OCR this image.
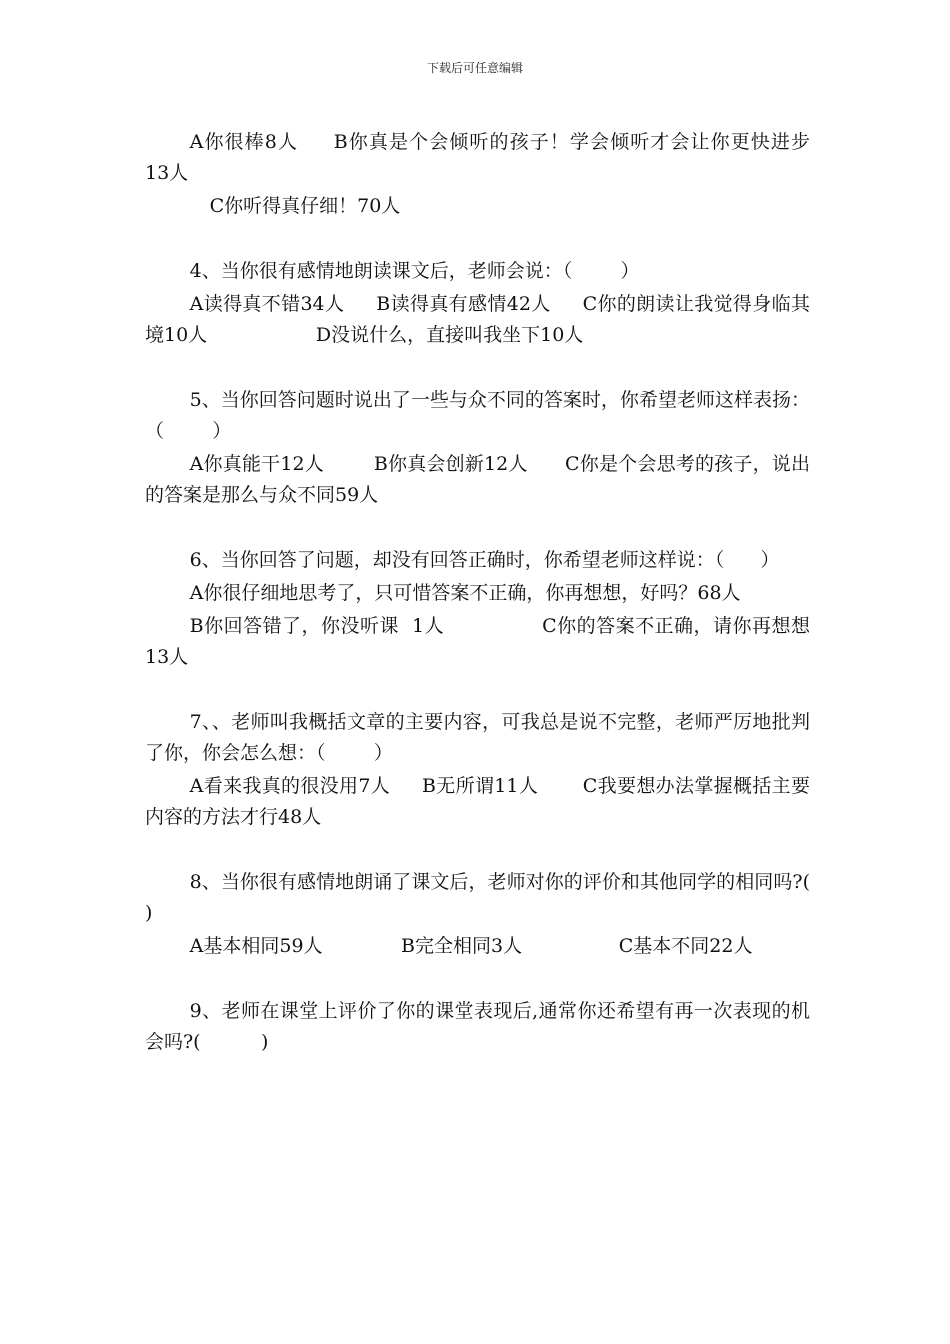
下载后可任意编辑

A你很棒8人     B你真是个会倾听的孩子！学会倾听才会让你更快进步    13人

C你听得真仔细！70人

4、当你很有感情地朗读课文后，老师会说：（        ）

A读得真不错34人     B读得真有感情42人     C你的朗读让我觉得身临其境10人                  D没说什么，直接叫我坐下10人

5、当你回答问题时说出了一些与众不同的答案时，你希望老师这样表扬：（        ）

A你真能干12人        B你真会创新12人      C你是个会思考的孩子，说出的答案是那么与众不同59人

6、当你回答了问题，却没有回答正确时，你希望老师这样说：（      ）

A你很仔细地思考了，只可惜答案不正确，你再想想，好吗？68人

B你回答错了，你没听课  1人               C你的答案不正确，请你再想想13人

7、、老师叫我概括文章的主要内容，可我总是说不完整，老师严厉地批判了你，你会怎么想：（        ）

A看来我真的很没用7人     B无所谓11人       C我要想办法掌握概括主要内容的方法才行48人

8、当你很有感情地朗诵了课文后，老师对你的评价和其他同学的相同吗?(          )

A基本相同59人             B完全相同3人                C基本不同22人

9、老师在课堂上评价了你的课堂表现后,通常你还希望有再一次表现的机会吗?(          )
